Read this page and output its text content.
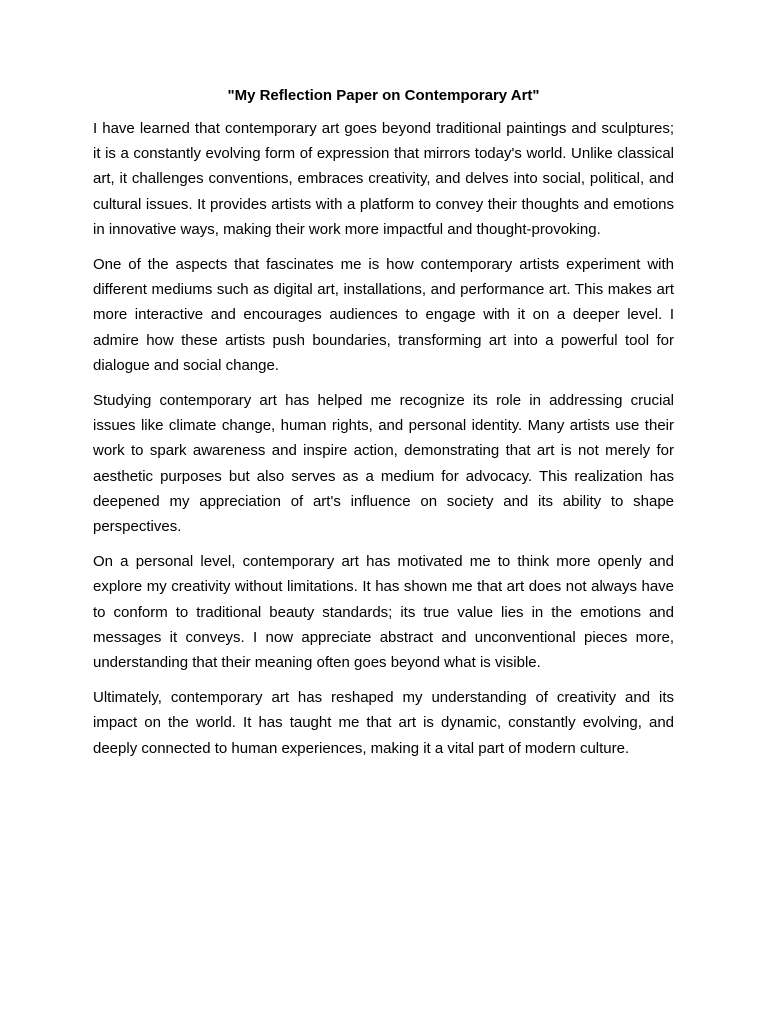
"My Reflection Paper on Contemporary Art"

I have learned that contemporary art goes beyond traditional paintings and sculptures; it is a constantly evolving form of expression that mirrors today's world. Unlike classical art, it challenges conventions, embraces creativity, and delves into social, political, and cultural issues. It provides artists with a platform to convey their thoughts and emotions in innovative ways, making their work more impactful and thought-provoking.

One of the aspects that fascinates me is how contemporary artists experiment with different mediums such as digital art, installations, and performance art. This makes art more interactive and encourages audiences to engage with it on a deeper level. I admire how these artists push boundaries, transforming art into a powerful tool for dialogue and social change.

Studying contemporary art has helped me recognize its role in addressing crucial issues like climate change, human rights, and personal identity. Many artists use their work to spark awareness and inspire action, demonstrating that art is not merely for aesthetic purposes but also serves as a medium for advocacy. This realization has deepened my appreciation of art's influence on society and its ability to shape perspectives.

On a personal level, contemporary art has motivated me to think more openly and explore my creativity without limitations. It has shown me that art does not always have to conform to traditional beauty standards; its true value lies in the emotions and messages it conveys. I now appreciate abstract and unconventional pieces more, understanding that their meaning often goes beyond what is visible.

Ultimately, contemporary art has reshaped my understanding of creativity and its impact on the world. It has taught me that art is dynamic, constantly evolving, and deeply connected to human experiences, making it a vital part of modern culture.
